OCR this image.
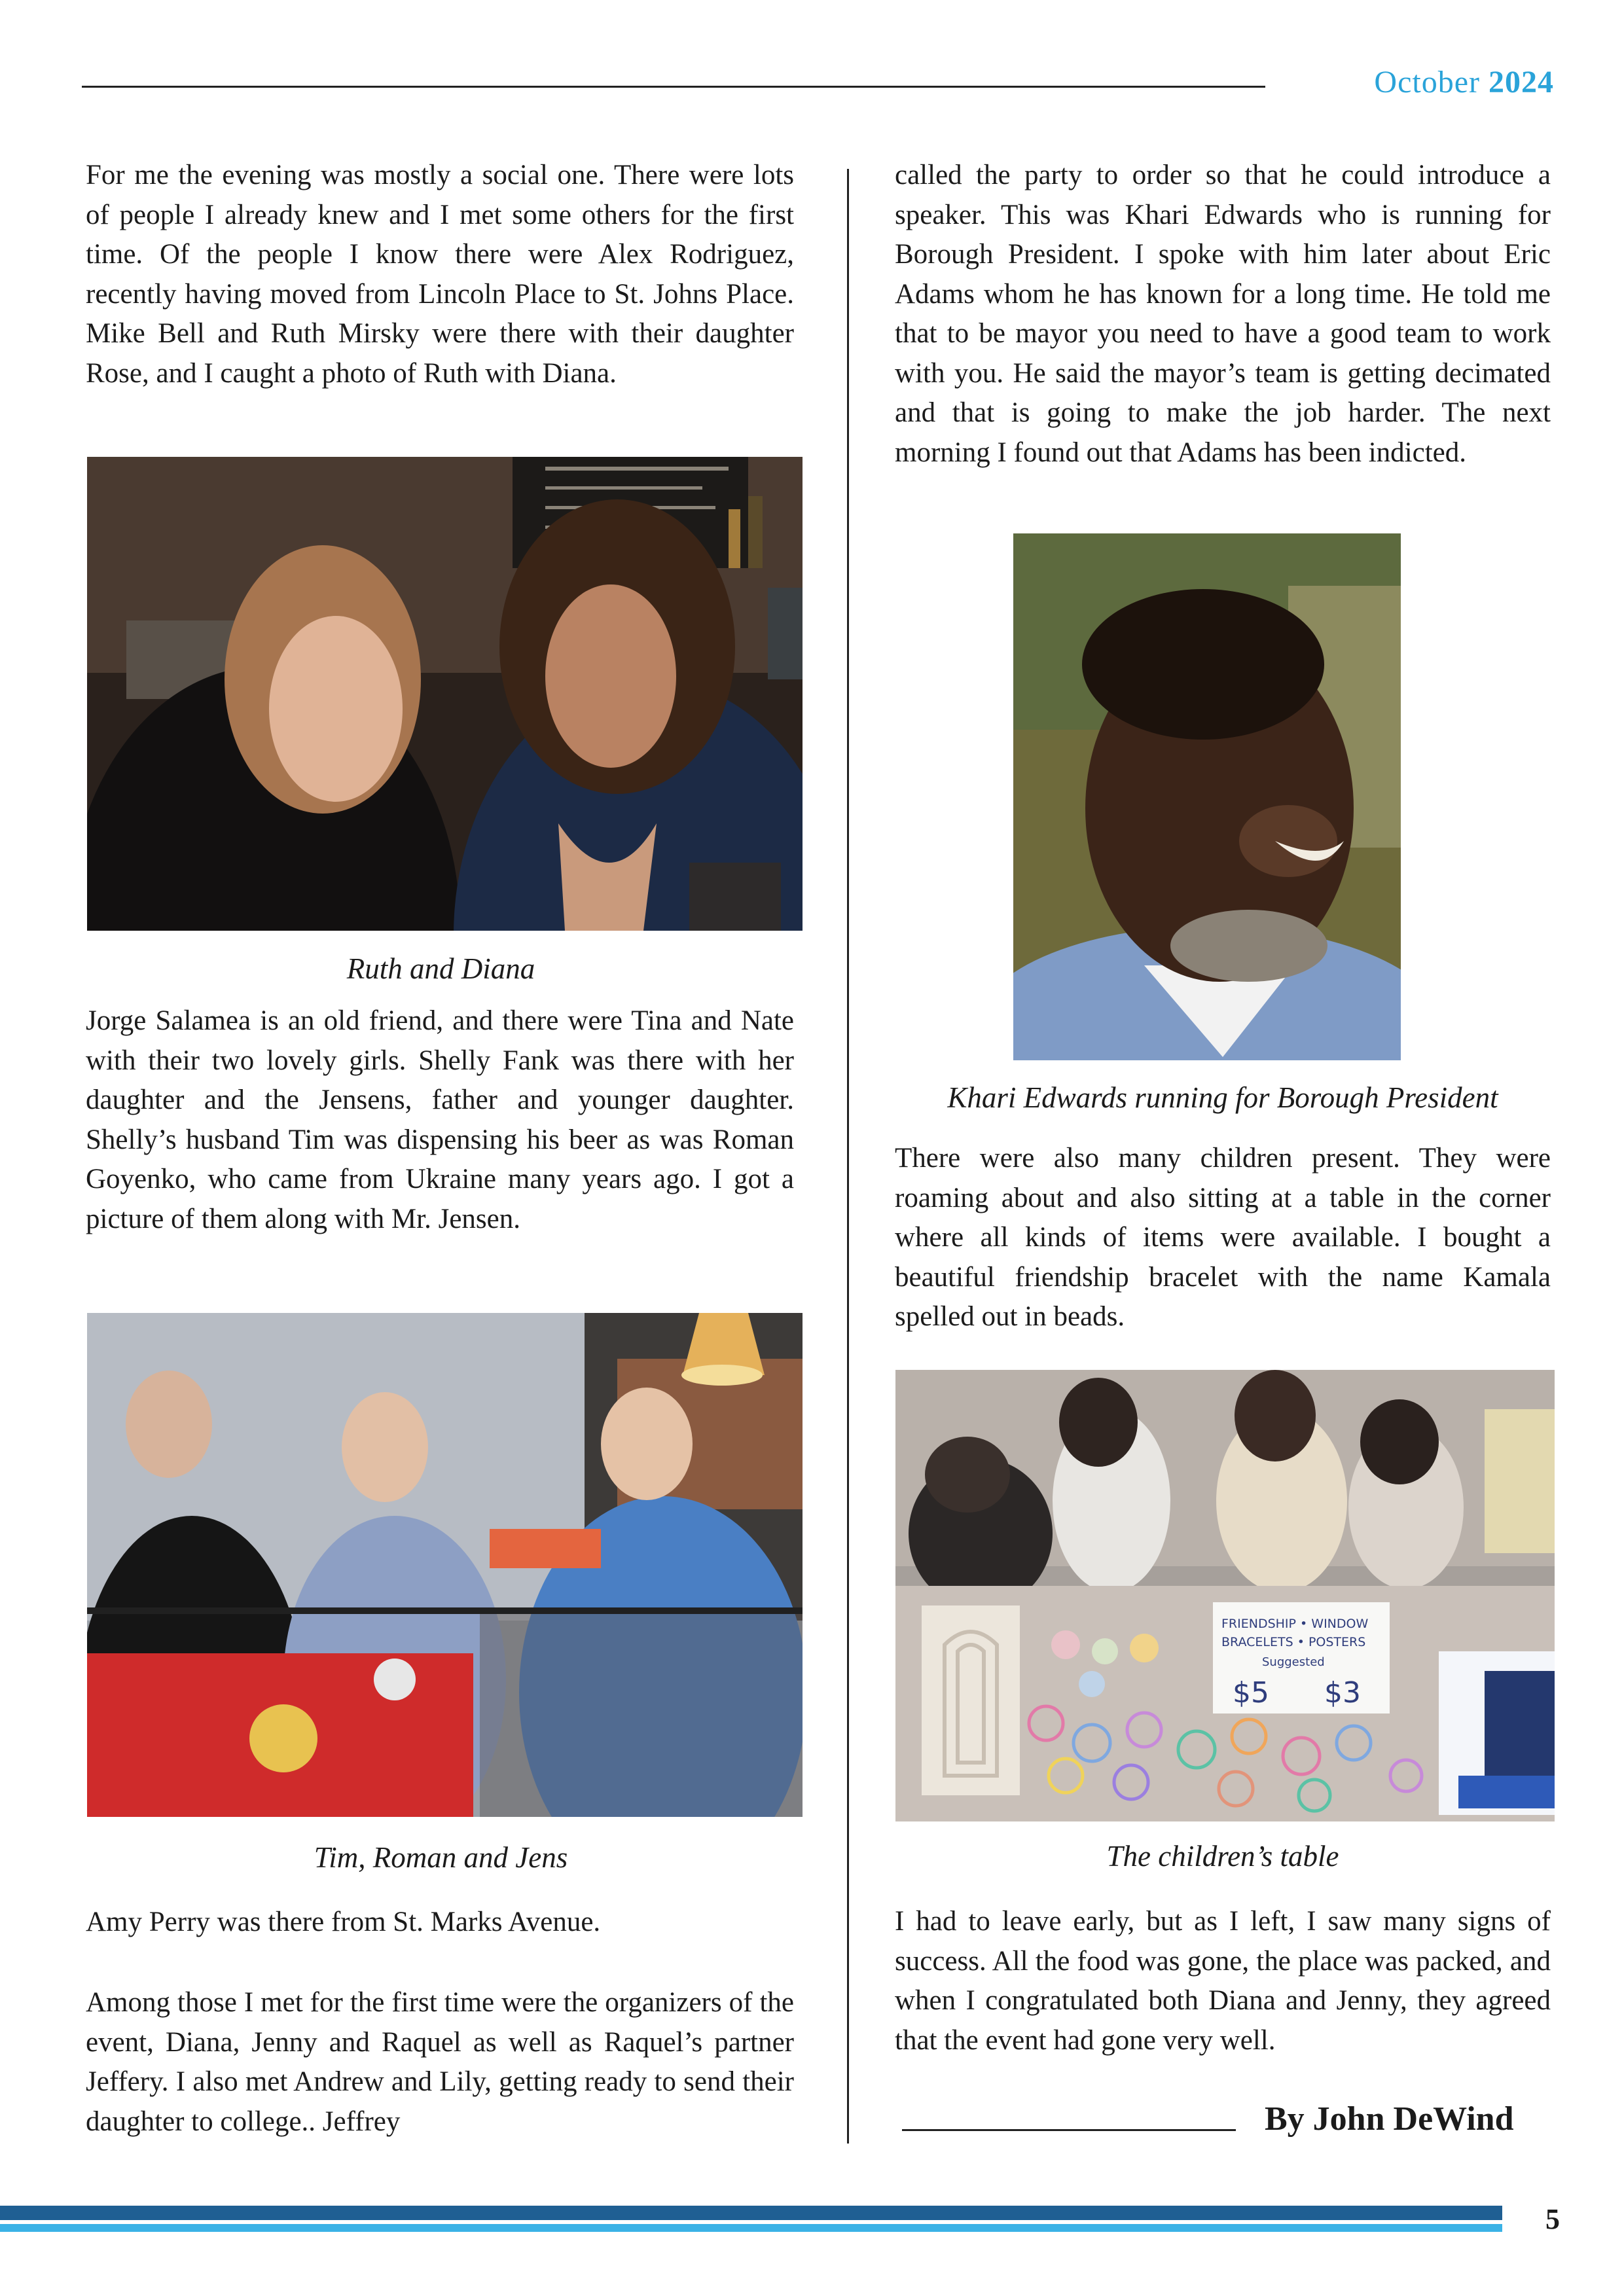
October 2024

For me the evening was mostly a social one. There were lots of people I already knew and I met some others for the first time. Of the people I know there were Alex Rodriguez, recently having moved from Lincoln Place to St. Johns Place. Mike Bell and Ruth Mirsky were there with their daughter Rose, and I caught a photo of Ruth with Diana.

Ruth and Diana

Jorge Salamea is an old friend, and there were Tina and Nate with their two lovely girls. Shelly Fank was there with her daughter and the Jensens, father and younger daughter. Shelly’s husband Tim was dispensing his beer as was Roman Goyenko, who came from Ukraine many years ago. I got a picture of them along with Mr. Jensen.

Tim, Roman and Jens

Amy Perry was there from St. Marks Avenue.

Among those I met for the first time were the organizers of the event, Diana, Jenny and Raquel as well as Raquel’s partner Jeffery. I also met Andrew and Lily, getting ready to send their daughter to college.. Jeffrey

called the party to order so that he could introduce a speaker. This was Khari Edwards who is running for Borough President. I spoke with him later about Eric Adams whom he has known for a long time. He told me that to be mayor you need to have a good team to work with you. He said the mayor’s team is getting decimated and that is going to make the job harder. The next morning I found out that Adams has been indicted.

Khari Edwards running for Borough President

There were also many children present. They were roaming about and also sitting at a table in the corner where all kinds of items were available. I bought a beautiful friendship bracelet with the name Kamala spelled out in beads.

FRIENDSHIP • WINDOW
BRACELETS • POSTERS
Suggested
$5 $3
The children’s table

I had to leave early, but as I left, I saw many signs of success. All the food was gone, the place was packed, and when I congratulated both Diana and Jenny, they agreed that the event had gone very well.

By John DeWind
5
